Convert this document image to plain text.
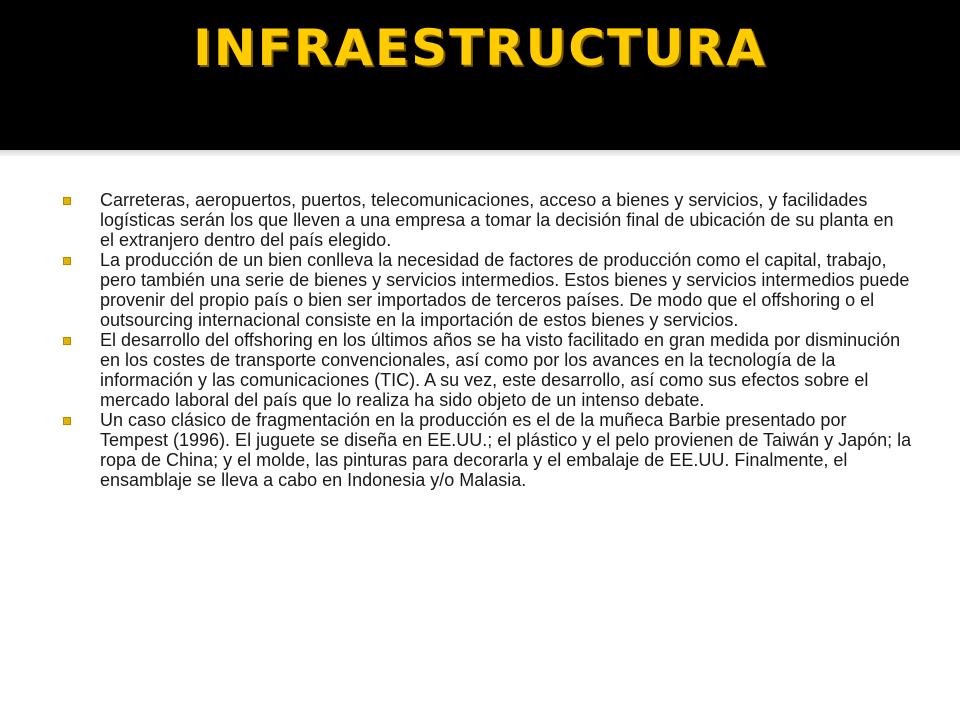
INFRAESTRUCTURA
Carreteras, aeropuertos, puertos, telecomunicaciones, acceso a bienes y servicios, y facilidades logísticas serán los que lleven a una empresa a tomar la decisión final de ubicación de su planta en el extranjero dentro del país elegido.
La producción de un bien conlleva la necesidad de factores de producción como el capital, trabajo, pero también una serie de bienes y servicios intermedios. Estos bienes y servicios intermedios puede provenir del propio país o bien ser importados de terceros países. De modo que el offshoring o el outsourcing internacional consiste en la importación de estos bienes y servicios.
El desarrollo del offshoring en los últimos años se ha visto facilitado en gran medida por disminución en los costes de transporte convencionales, así como por los avances en la tecnología de la información y las comunicaciones (TIC). A su vez, este desarrollo, así como sus efectos sobre el mercado laboral del país que lo realiza ha sido objeto de un intenso debate.
Un caso clásico de fragmentación en la producción es el de la muñeca Barbie presentado por Tempest (1996). El juguete se diseña en EE.UU.; el plástico y el pelo provienen de Taiwán y Japón; la ropa de China; y el molde, las pinturas para decorarla y el embalaje de EE.UU. Finalmente, el ensamblaje se lleva a cabo en Indonesia y/o Malasia.
